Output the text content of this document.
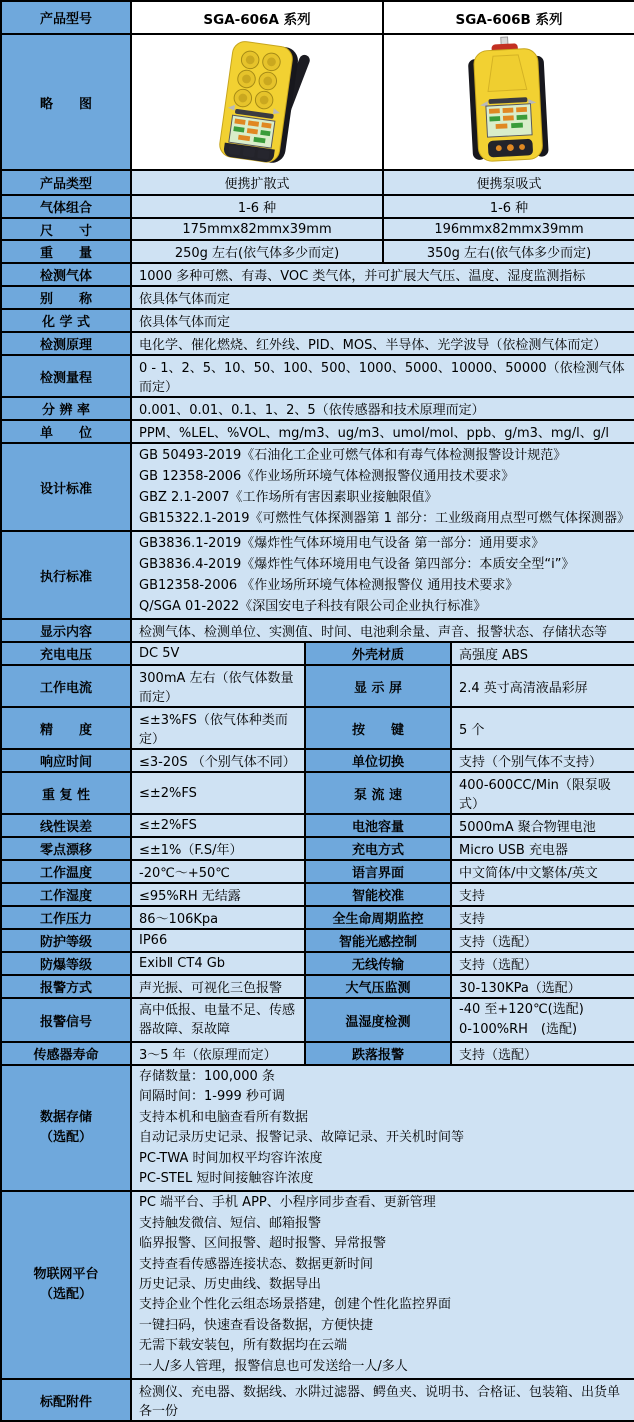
产品型号	SGA-606A 系列		SGA-606B 系列	
略　　图	

产品类型	便携扩散式		便携泵吸式	
气体组合	1-6 种		1-6 种	
尺　　寸	175mmx82mmx39mm		196mmx82mmx39mm	
重　　量	250g 左右(依气体多少而定)		350g 左右(依气体多少而定)	
检测气体	1000 多种可燃、有毒、VOC 类气体，并可扩展大气压、温度、湿度监测指标			
别　　称	依具体气体而定			
化 学 式	依具体气体而定			
检测原理	电化学、催化燃烧、红外线、PID、MOS、半导体、光学波导（依检测气体而定）			
检测量程	0 - 1、2、5、10、50、100、500、1000、5000、10000、50000（依检测气体而定）			
分 辨 率	0.001、0.01、0.1、1、2、5（依传感器和技术原理而定）			
单　　位	PPM、%LEL、%VOL、mg/m3、ug/m3、umol/mol、ppb、g/m3、mg/l、g/l			
设计标准	GB 50493-2019《石油化工企业可燃气体和有毒气体检测报警设计规范》
GB 12358-2006《作业场所环境气体检测报警仪通用技术要求》
GBZ 2.1-2007《工作场所有害因素职业接触限值》
GB15322.1-2019《可燃性气体探测器第 1 部分：工业级商用点型可燃气体探测器》			

执行标准	GB3836.1-2019《爆炸性气体环境用电气设备 第一部分：通用要求》
GB3836.4-2019《爆炸性气体环境用电气设备 第四部分：本质安全型“i”》
GB12358-2006 《作业场所环境气体检测报警仪 通用技术要求》
Q/SGA 01-2022《深国安电子科技有限公司企业执行标准》			

显示内容	检测气体、检测单位、实测值、时间、电池剩余量、声音、报警状态、存储状态等			
充电电压	DC 5V	外壳材质		高强度 ABS
工作电流	300mA 左右（依气体数量而定）	显 示 屏		2.4 英寸高清液晶彩屏
精　　度	≤±3%FS（依气体种类而定）	按　　键		5 个
响应时间	≤3-20S （个别气体不同）	单位切换		支持（个别气体不支持）
重 复 性	≤±2%FS	泵 流 速		400-600CC/Min（限泵吸式）
线性误差	≤±2%FS	电池容量		5000mA 聚合物锂电池
零点漂移	≤±1%（F.S/年）	充电方式		Micro USB 充电器
工作温度	-20℃～+50℃	语言界面		中文简体/中文繁体/英文
工作湿度	≤95%RH 无结露	智能校准		支持
工作压力	86～106Kpa	全生命周期监控		支持
防护等级	IP66	智能光感控制		支持（选配）
防爆等级	ExibⅡ CT4 Gb	无线传输		支持（选配）
报警方式	声光振、可视化三色报警	大气压监测		30-130KPa（选配）
报警信号	高中低报、电量不足、传感器故障、泵故障	温湿度检测		-40 至+120℃(选配)
0-100%RH　(选配)

传感器寿命	3～5 年（依原理而定）	跌落报警		支持（选配）

数据存储
（选配）

存储数量：100,000 条
间隔时间：1-999 秒可调
支持本机和电脑查看所有数据
自动记录历史记录、报警记录、故障记录、开关机时间等
PC-TWA 时间加权平均容许浓度
PC-STEL 短时间接触容许浓度

物联网平台
（选配）

PC 端平台、手机 APP、小程序同步查看、更新管理
支持触发微信、短信、邮箱报警
临界报警、区间报警、超时报警、异常报警
支持查看传感器连接状态、数据更新时间
历史记录、历史曲线、数据导出
支持企业个性化云组态场景搭建，创建个性化监控界面
一键扫码，快速查看设备数据，方便快捷
无需下载安装包，所有数据均在云端
一人/多人管理，报警信息也可发送给一人/多人

标配附件	检测仪、充电器、数据线、水阱过滤器、鳄鱼夹、说明书、合格证、包装箱、出货单各一份			
